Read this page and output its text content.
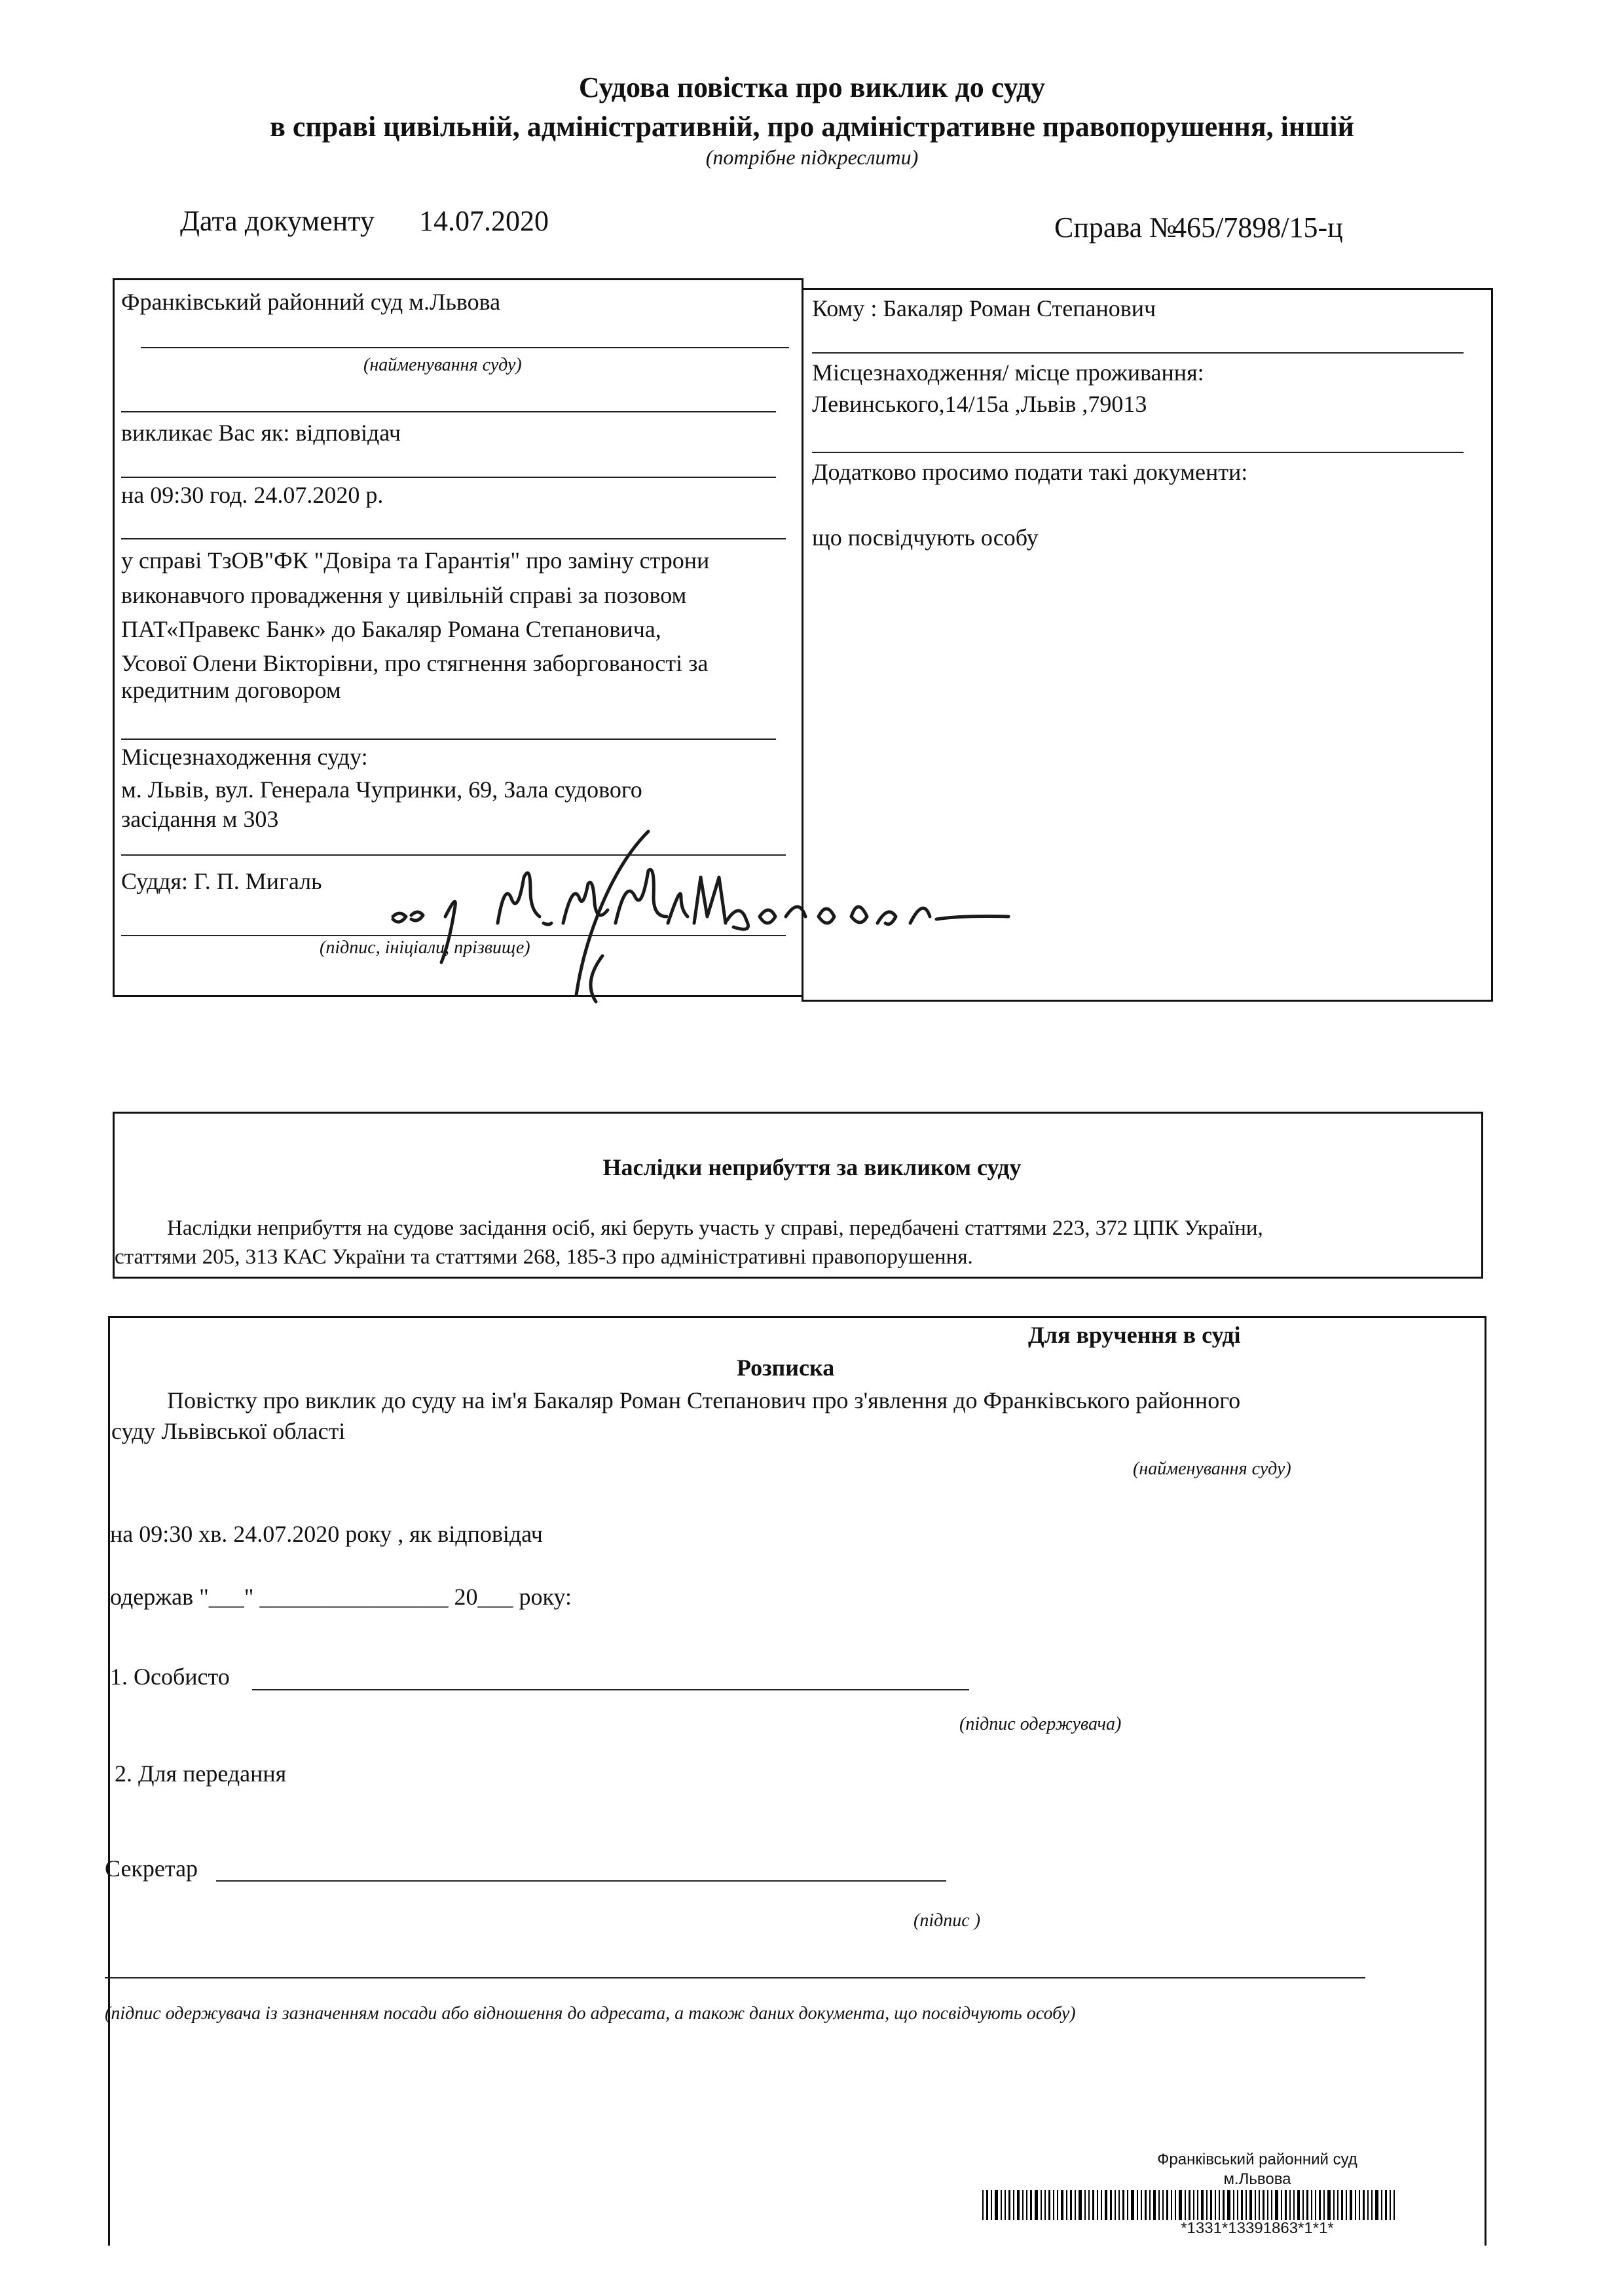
Судова повістка про виклик до суду
в справі цивільній, адміністративній, про адміністративне правопорушення, іншій
(потрібне підкреслити)
Дата документу 14.07.2020	Справа №
465/7898/15-ц
Франківський районний суд м.Львова
(найменування суду)
викликає Вас як: відповідач
на 09:30 год. 24.07.2020 р.
у справі ТзОВ"ФК "Довіра та Гарантія" про заміну строни
виконавчого провадження у цивільній справі за позовом
ПАТ«Правекс Банк» до Бакаляр Романа Степановича,
Усової Олени Вікторівни, про стягнення заборгованості за
кредитним договором
Місцезнаходження суду:
м. Львів, вул. Генерала Чупринки, 69, Зала судового
засідання м 303
Суддя: Г. П. Мигаль
(підпис, ініціали, прізвище)
Кому : Бакаляр Роман Степанович
Місцезнаходження/ місце проживання:
Левинського,14/15а ,Львів ,79013
Додатково просимо подати такі документи:
що посвідчують особу
Наслідки неприбуття за викликом суду
Наслідки неприбуття на судове засідання осіб, які беруть участь у справі, передбачені статтями 223, 372 ЦПК України,
статтями 205, 313 КАС України та статтями 268, 185-3 про адміністративні правопорушення.
Для вручення в суді
Розписка
Повістку про виклик до суду на ім'я Бакаляр Роман Степанович про з'явлення до Франківського районного
суду Львівської області
(найменування суду)
на 09:30 хв. 24.07.2020 року , як відповідач
одержав "___" ________________ 20___ року:
1. Особисто
(підпис одержувача)
2. Для передання
Секретар
(підпис )
(підпис одержувача із зазначенням посади або відношення до адресата, а також даних документа, що посвідчують особу)
Франківський районний суд
м.Львова
*1331*13391863*1*1*
